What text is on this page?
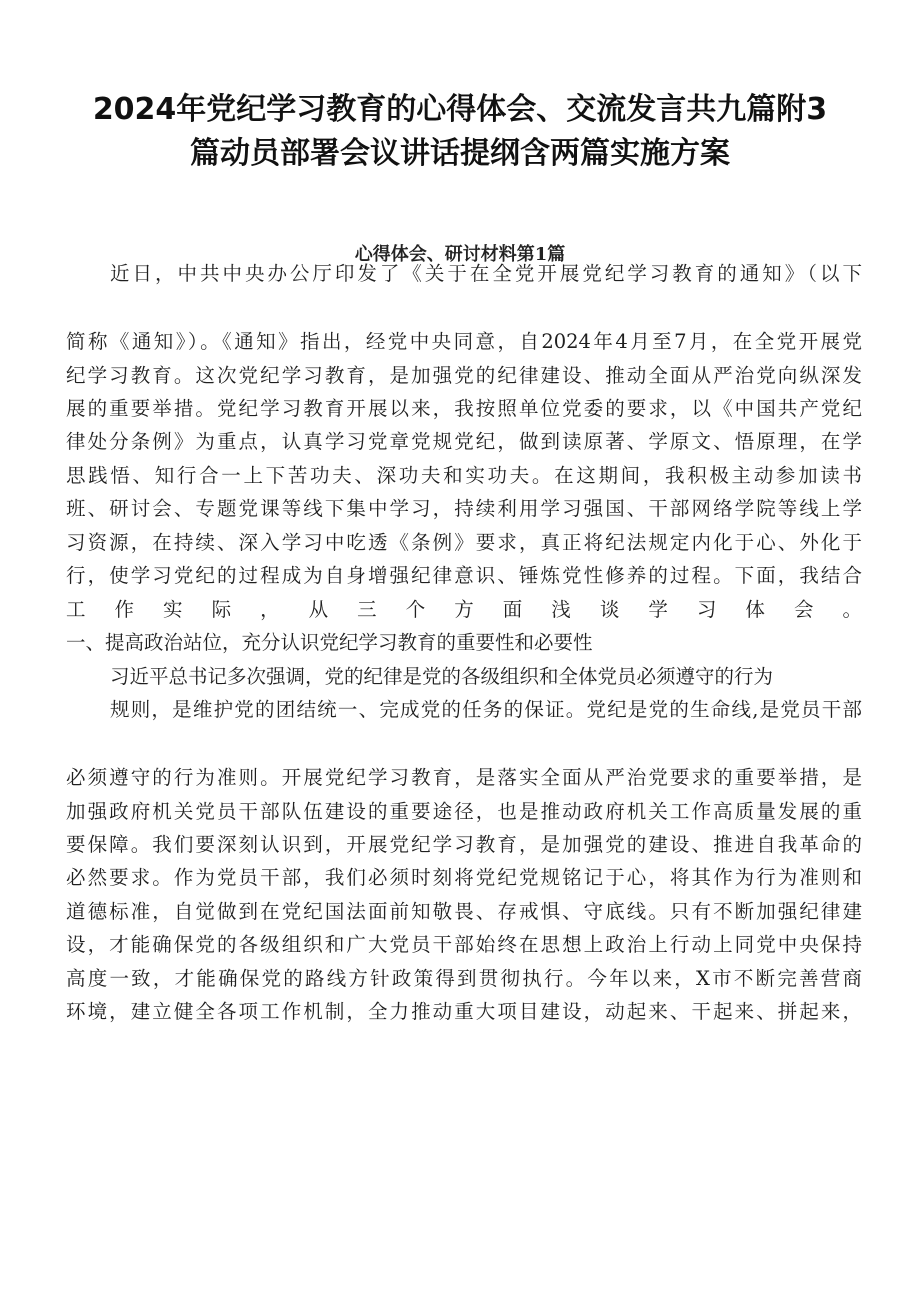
2024年党纪学习教育的心得体会、交流发言共九篇附3
篇动员部署会议讲话提纲含两篇实施方案
心得体会、研讨材料第1篇

近日，中共中央办公厅印发了《关于在全党开展党纪学习教育的通知》（以下

简称《通知》）。《通知》指出，经党中央同意，自2024年4月至7月，在全党开展党

纪学习教育。这次党纪学习教育，是加强党的纪律建设、推动全面从严治党向纵深发

展的重要举措。党纪学习教育开展以来，我按照单位党委的要求，以《中国共产党纪

律处分条例》为重点，认真学习党章党规党纪，做到读原著、学原文、悟原理，在学

思践悟、知行合一上下苦功夫、深功夫和实功夫。在这期间，我积极主动参加读书

班、研讨会、专题党课等线下集中学习，持续利用学习强国、干部网络学院等线上学

习资源，在持续、深入学习中吃透《条例》要求，真正将纪法规定内化于心、外化于

行，使学习党纪的过程成为自身增强纪律意识、锤炼党性修养的过程。下面，我结合

工作实际，从三个方面浅谈学习体会。

一、提高政治站位，充分认识党纪学习教育的重要性和必要性

习近平总书记多次强调，党的纪律是党的各级组织和全体党员必须遵守的行为

规则，是维护党的团结统一、完成党的任务的保证。党纪是党的生命线,是党员干部

必须遵守的行为准则。开展党纪学习教育，是落实全面从严治党要求的重要举措，是

加强政府机关党员干部队伍建设的重要途径，也是推动政府机关工作高质量发展的重

要保障。我们要深刻认识到，开展党纪学习教育，是加强党的建设、推进自我革命的

必然要求。作为党员干部，我们必须时刻将党纪党规铭记于心，将其作为行为准则和

道德标准，自觉做到在党纪国法面前知敬畏、存戒惧、守底线。只有不断加强纪律建

设，才能确保党的各级组织和广大党员干部始终在思想上政治上行动上同党中央保持

高度一致，才能确保党的路线方针政策得到贯彻执行。今年以来，X市不断完善营商

环境，建立健全各项工作机制，全力推动重大项目建设，动起来、干起来、拼起来，
